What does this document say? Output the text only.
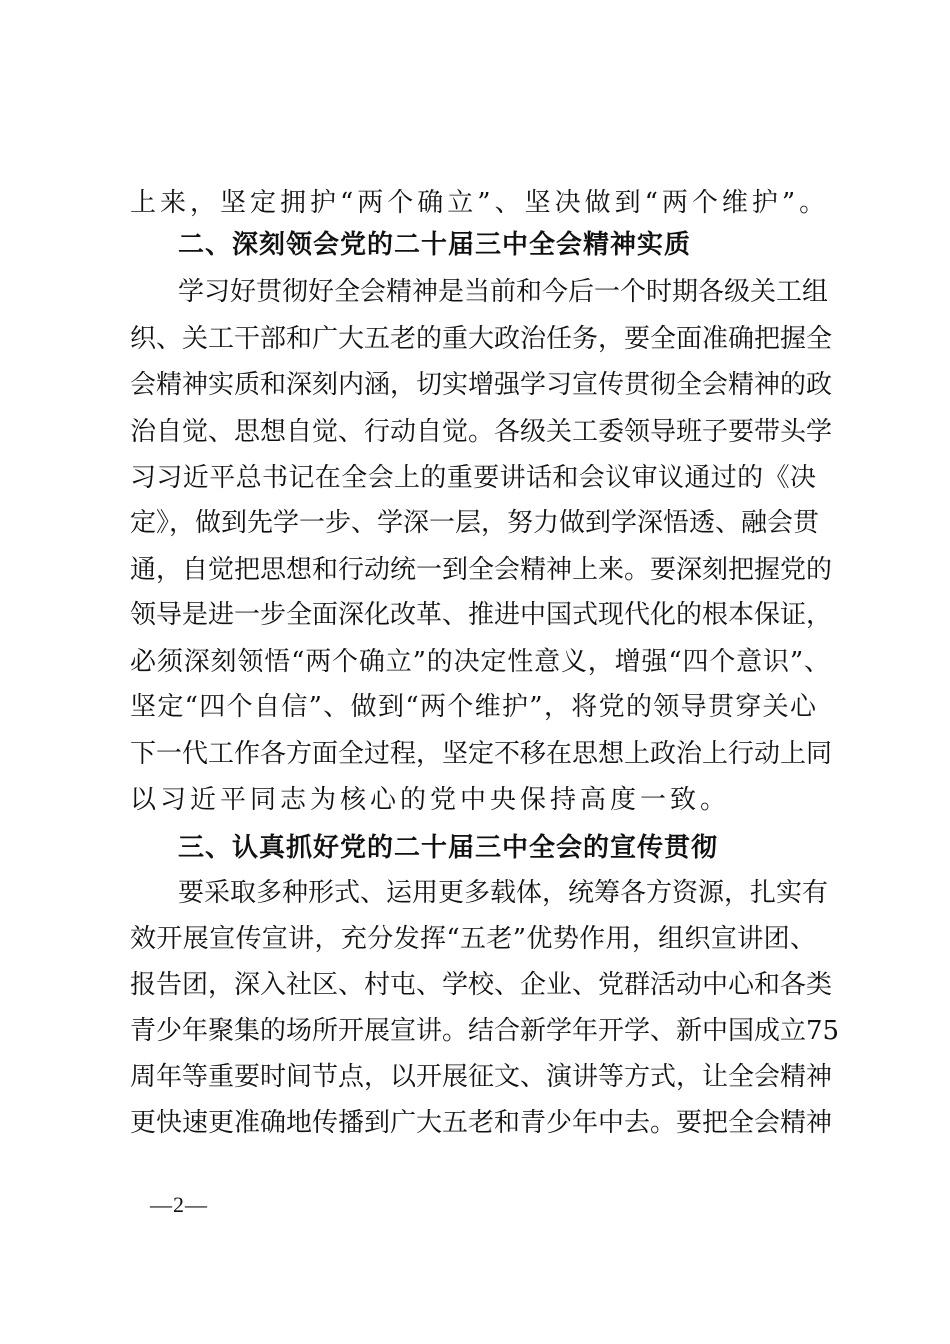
上来，坚定拥护“两个确立”、坚决做到“两个维护”。
二、深刻领会党的二十届三中全会精神实质
学习好贯彻好全会精神是当前和今后一个时期各级关工组
织、关工干部和广大五老的重大政治任务，要全面准确把握全
会精神实质和深刻内涵，切实增强学习宣传贯彻全会精神的政
治自觉、思想自觉、行动自觉。各级关工委领导班子要带头学
习习近平总书记在全会上的重要讲话和会议审议通过的《决
定》，做到先学一步、学深一层，努力做到学深悟透、融会贯
通，自觉把思想和行动统一到全会精神上来。要深刻把握党的
领导是进一步全面深化改革、推进中国式现代化的根本保证，
必须深刻领悟“两个确立”的决定性意义，增强“四个意识”、
坚定“四个自信”、做到“两个维护”，将党的领导贯穿关心
下一代工作各方面全过程，坚定不移在思想上政治上行动上同
以习近平同志为核心的党中央保持高度一致。
三、认真抓好党的二十届三中全会的宣传贯彻
要采取多种形式、运用更多载体，统筹各方资源，扎实有
效开展宣传宣讲，充分发挥“五老”优势作用，组织宣讲团、
报告团，深入社区、村屯、学校、企业、党群活动中心和各类
青少年聚集的场所开展宣讲。结合新学年开学、新中国成立75
周年等重要时间节点，以开展征文、演讲等方式，让全会精神
更快速更准确地传播到广大五老和青少年中去。要把全会精神
—2—
